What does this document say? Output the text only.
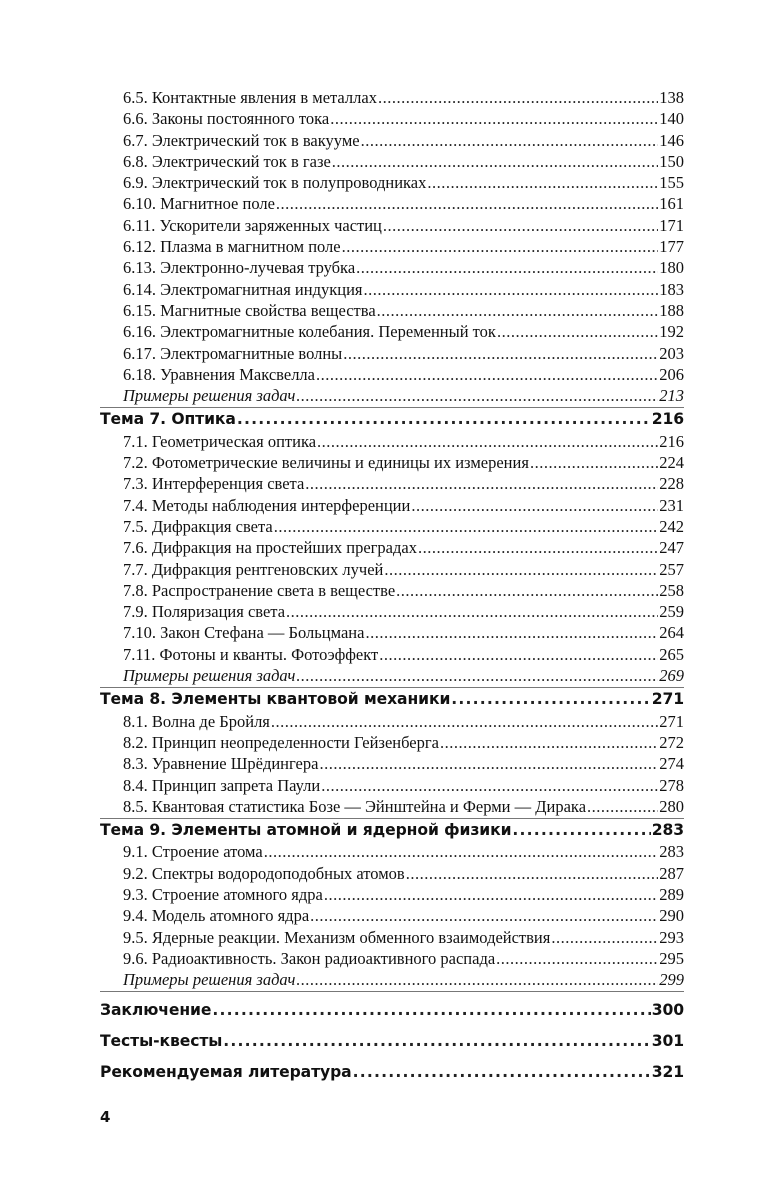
6.5. Контактные явления в металлах .....	138
6.6. Законы постоянного тока .....	140
6.7. Электрический ток в вакууме .....	146
6.8. Электрический ток в газе .....	150
6.9. Электрический ток в полупроводниках .....	155
6.10. Магнитное поле .....	161
6.11. Ускорители заряженных частиц .....	171
6.12. Плазма в магнитном поле .....	177
6.13. Электронно-лучевая трубка .....	180
6.14. Электромагнитная индукция .....	183
6.15. Магнитные свойства вещества .....	188
6.16. Электромагнитные колебания. Переменный ток .....	192
6.17. Электромагнитные волны .....	203
6.18. Уравнения Максвелла .....	206
Примеры решения задач .....	213
Тема 7. Оптика .....	216
7.1. Геометрическая оптика .....	216
7.2. Фотометрические величины и единицы их измерения .....	224
7.3. Интерференция света .....	228
7.4. Методы наблюдения интерференции .....	231
7.5. Дифракция света .....	242
7.6. Дифракция на простейших преградах .....	247
7.7. Дифракция рентгеновских лучей .....	257
7.8. Распространение света в веществе .....	258
7.9. Поляризация света .....	259
7.10. Закон Стефана — Больцмана .....	264
7.11. Фотоны и кванты. Фотоэффект .....	265
Примеры решения задач .....	269
Тема 8. Элементы квантовой механики .....	271
8.1. Волна де Бройля .....	271
8.2. Принцип неопределенности Гейзенберга .....	272
8.3. Уравнение Шрёдингера .....	274
8.4. Принцип запрета Паули .....	278
8.5. Квантовая статистика Бозе — Эйнштейна и Ферми — Дирака .....	280
Тема 9. Элементы атомной и ядерной физики .....	283
9.1. Строение атома .....	283
9.2. Спектры водородоподобных атомов .....	287
9.3. Строение атомного ядра .....	289
9.4. Модель атомного ядра .....	290
9.5. Ядерные реакции. Механизм обменного взаимодействия .....	293
9.6. Радиоактивность. Закон радиоактивного распада .....	295
Примеры решения задач .....	299
Заключение .....	300
Тесты-квесты .....	301
Рекомендуемая литература .....	321
4
